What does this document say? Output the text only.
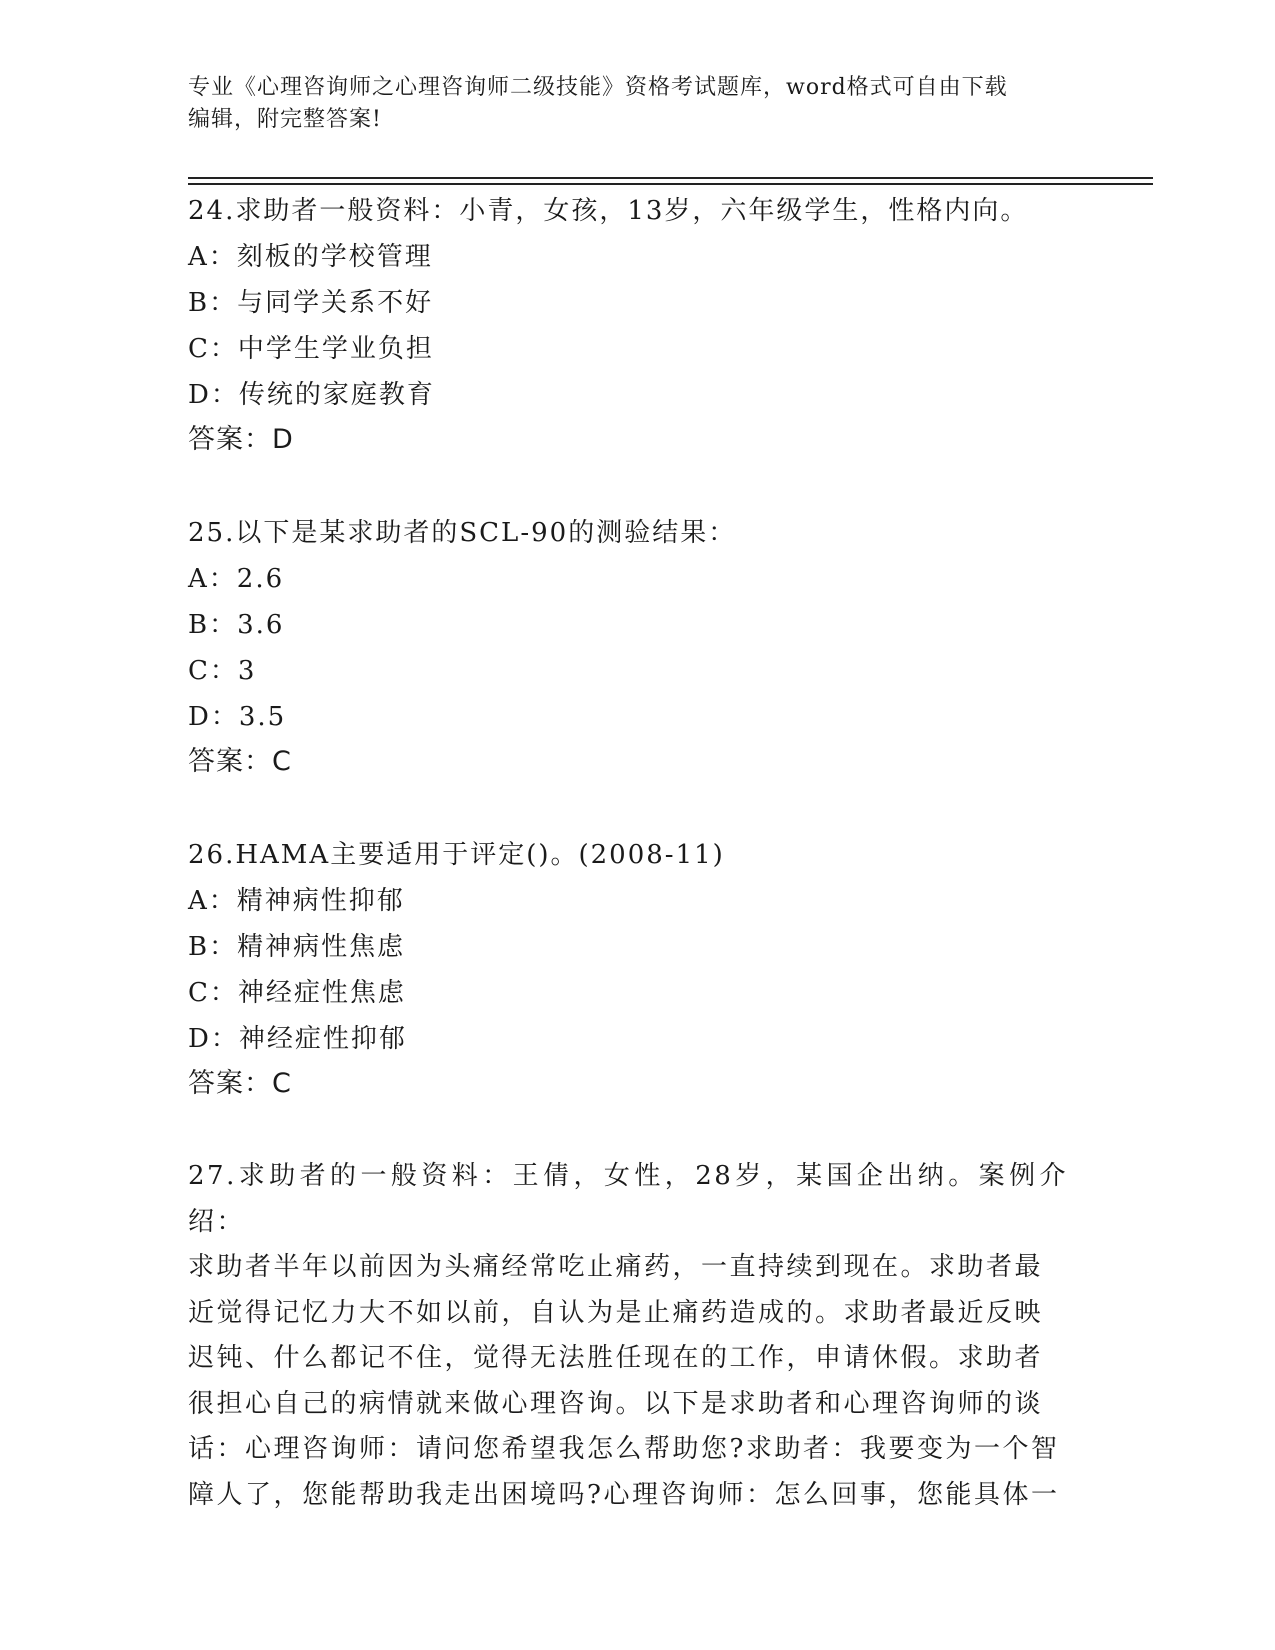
专业《心理咨询师之心理咨询师二级技能》资格考试题库，word格式可自由下载
编辑，附完整答案!

24.求助者一般资料：小青，女孩，13岁，六年级学生，性格内向。

A：刻板的学校管理
B：与同学关系不好
C：中学生学业负担
D：传统的家庭教育
答案：D

25.以下是某求助者的SCL-90的测验结果：

A：2.6
B：3.6
C：3
D：3.5
答案：C

26.HAMA主要适用于评定()。(2008-11)

A：精神病性抑郁
B：精神病性焦虑
C：神经症性焦虑
D：神经症性抑郁
答案：C
27.求助者的一般资料：王倩，女性，28岁，某国企出纳。案例介绍：
求助者半年以前因为头痛经常吃止痛药，一直持续到现在。求助者最
近觉得记忆力大不如以前，自认为是止痛药造成的。求助者最近反映
迟钝、什么都记不住，觉得无法胜任现在的工作，申请休假。求助者
很担心自己的病情就来做心理咨询。以下是求助者和心理咨询师的谈
话：心理咨询师：请问您希望我怎么帮助您?求助者：我要变为一个智
障人了，您能帮助我走出困境吗?心理咨询师：怎么回事，您能具体一
